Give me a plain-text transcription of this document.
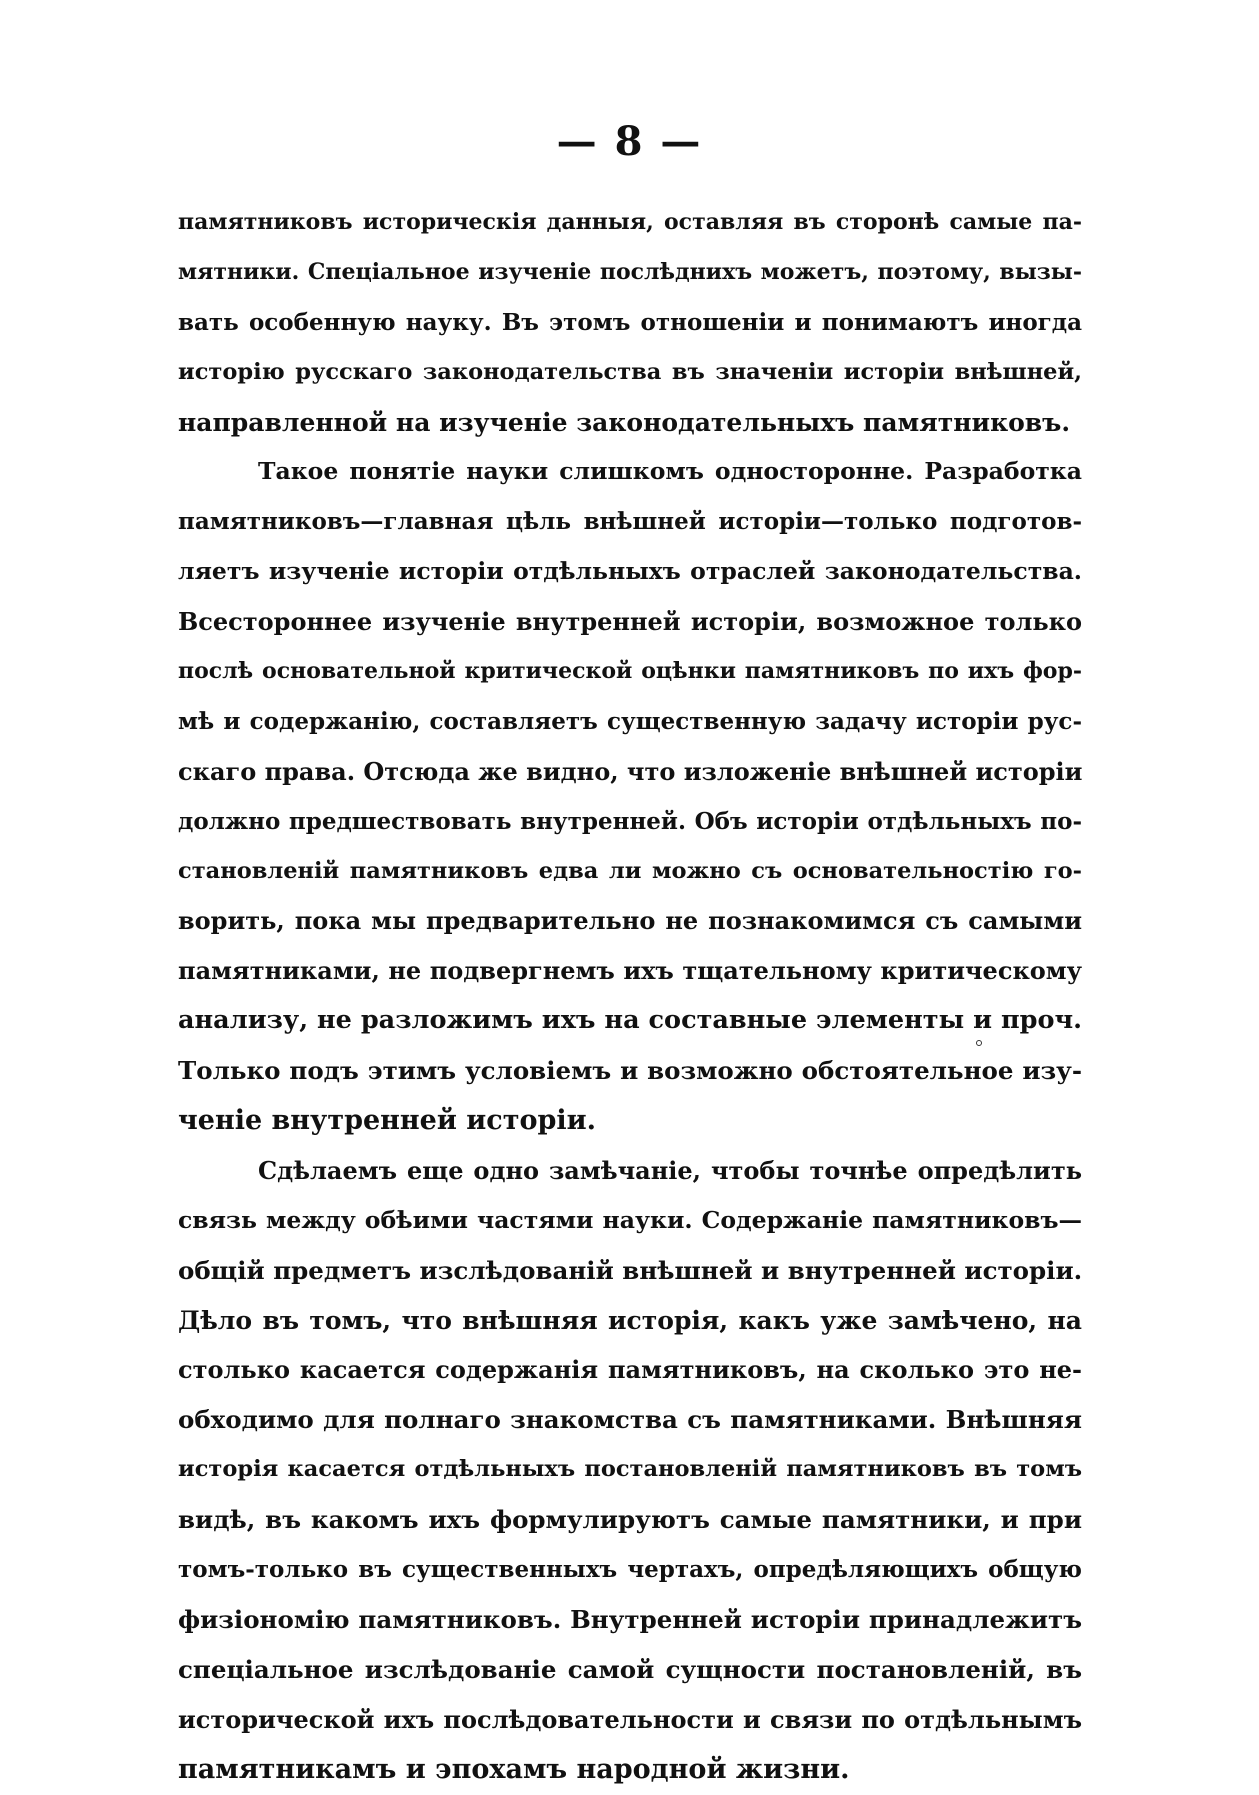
— 8 —
памятниковъ историческія данныя, оставляя въ сторонѣ самые па-
мятники. Спеціальное изученіе послѣднихъ можетъ, поэтому, вызы-
вать особенную науку. Въ этомъ отношеніи и понимаютъ иногда
исторію русскаго законодательства въ значеніи исторіи внѣшней,
направленной на изученіе законодательныхъ памятниковъ.
Такое понятіе науки слишкомъ одностороннe. Разработка
памятниковъ—главная цѣль внѣшней исторіи—только подготов-
ляетъ изученіе исторіи отдѣльныхъ отраслей законодательства.
Всестороннее изученіе внутренней исторіи, возможное только
послѣ основательной критической оцѣнки памятниковъ по ихъ фор-
мѣ и содержанію, составляетъ существенную задачу исторіи рус-
скаго права. Отсюда же видно, что изложеніе внѣшней исторіи
должно предшествовать внутренней. Объ исторіи отдѣльныхъ по-
становленій памятниковъ едва ли можно съ основательностію го-
ворить, пока мы предварительно не познакомимся съ самыми
памятниками, не подвергнемъ ихъ тщательному критическому
анализу, не разложимъ ихъ на составные элементы и проч.
Только подъ этимъ условіемъ и возможно обстоятельное изу-
ченіе внутренней исторіи.
Сдѣлаемъ еще одно замѣчаніе, чтобы точнѣе опредѣлить
связь между обѣими частями науки. Содержаніе памятниковъ—
общій предметъ изслѣдованій внѣшней и внутренней исторіи.
Дѣло въ томъ, что внѣшняя исторія, какъ уже замѣчено, на
столько касается содержанія памятниковъ, на сколько это не-
обходимо для полнаго знакомства съ памятниками. Внѣшняя
исторія касается отдѣльныхъ постановленій памятниковъ въ томъ
видѣ, въ какомъ ихъ формулируютъ самые памятники, и при
томъ-только въ существенныхъ чертахъ, опредѣляющихъ общую
физіономію памятниковъ. Внутренней исторіи принадлежитъ
спеціальное изслѣдованіе самой сущности постановленій, въ
исторической ихъ послѣдовательности и связи по отдѣльнымъ
памятникамъ и эпохамъ народной жизни.
